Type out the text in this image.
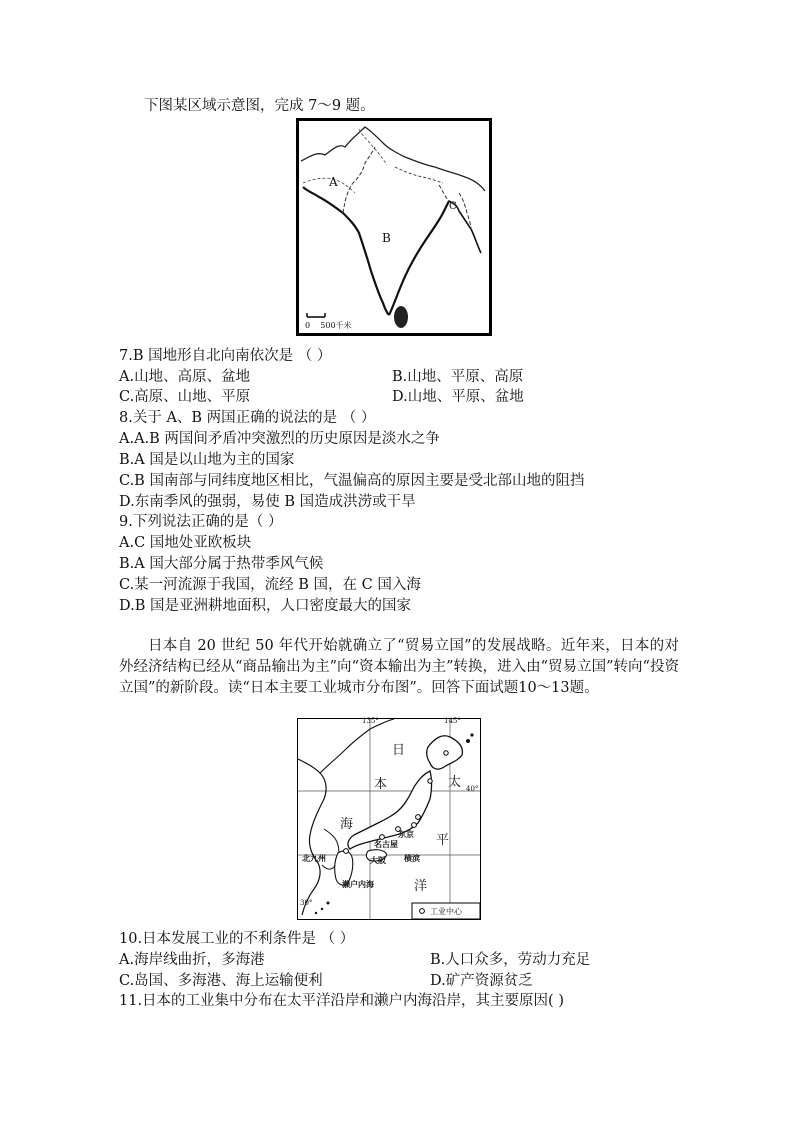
下图某区域示意图，完成 7～9 题。
A
B
C
0    500千米
7.B 国地形自北向南依次是 （ ）
A.山地、高原、盆地	B.山地、平原、高原
C.高原、山地、平原	D.山地、平原、盆地
8.关于 A、B 两国正确的说法的是 （ ）
A.A.B 两国间矛盾冲突激烈的历史原因是淡水之争
B.A 国是以山地为主的国家
C.B 国南部与同纬度地区相比，气温偏高的原因主要是受北部山地的阻挡
D.东南季风的强弱，易使 B 国造成洪涝或干旱
9.下列说法正确的是（ ）
A.C 国地处亚欧板块
B.A 国大部分属于热带季风气候
C.某一河流源于我国，流经 B 国，在 C 国入海
D.B 国是亚洲耕地面积，人口密度最大的国家
日本自 20 世纪 50 年代开始就确立了“贸易立国”的发展战略。近年来，日本的对外经济结构已经从“商品输出为主”向“资本输出为主”转换，进入由“贸易立国”转向“投资立国”的新阶段。读“日本主要工业城市分布图”。回答下面试题10～13题。
135°	145°
40°
30°
日
本
海
太
平
洋
东京
横滨
名古屋
大阪
北九州
濑户内海
工业中心
10.日本发展工业的不利条件是 （ ）
A.海岸线曲折，多海港	B.人口众多，劳动力充足
C.岛国、多海港、海上运输便利	D.矿产资源贫乏
11.日本的工业集中分布在太平洋沿岸和濑户内海沿岸，其主要原因( )
